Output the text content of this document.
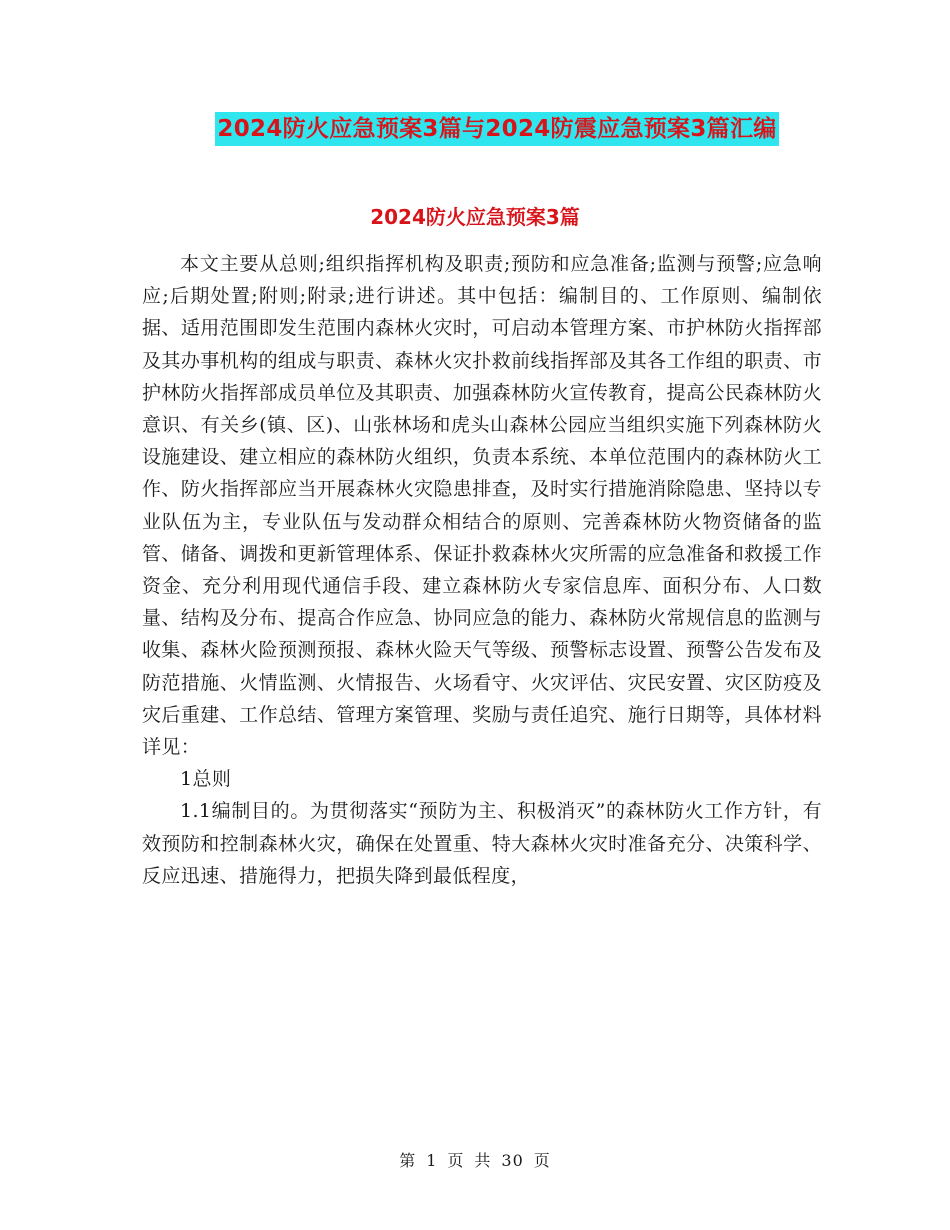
2024防火应急预案3篇与2024防震应急预案3篇汇编
2024防火应急预案3篇

本文主要从总则;组织指挥机构及职责;预防和应急准备;监测与预警;应急响应;后期处置;附则;附录;进行讲述。其中包括：编制目的、工作原则、编制依据、适用范围即发生范围内森林火灾时，可启动本管理方案、市护林防火指挥部及其办事机构的组成与职责、森林火灾扑救前线指挥部及其各工作组的职责、市护林防火指挥部成员单位及其职责、加强森林防火宣传教育，提高公民森林防火意识、有关乡(镇、区)、山张林场和虎头山森林公园应当组织实施下列森林防火设施建设、建立相应的森林防火组织，负责本系统、本单位范围内的森林防火工作、防火指挥部应当开展森林火灾隐患排查，及时实行措施消除隐患、坚持以专业队伍为主，专业队伍与发动群众相结合的原则、完善森林防火物资储备的监管、储备、调拨和更新管理体系、保证扑救森林火灾所需的应急准备和救援工作资金、充分利用现代通信手段、建立森林防火专家信息库、面积分布、人口数量、结构及分布、提高合作应急、协同应急的能力、森林防火常规信息的监测与收集、森林火险预测预报、森林火险天气等级、预警标志设置、预警公告发布及防范措施、火情监测、火情报告、火场看守、火灾评估、灾民安置、灾区防疫及灾后重建、工作总结、管理方案管理、奖励与责任追究、施行日期等，具体材料详见：

1总则

1.1编制目的。为贯彻落实“预防为主、积极消灭”的森林防火工作方针，有效预防和控制森林火灾，确保在处置重、特大森林火灾时准备充分、决策科学、反应迅速、措施得力，把损失降到最低程度，

第 1 页 共 30 页
